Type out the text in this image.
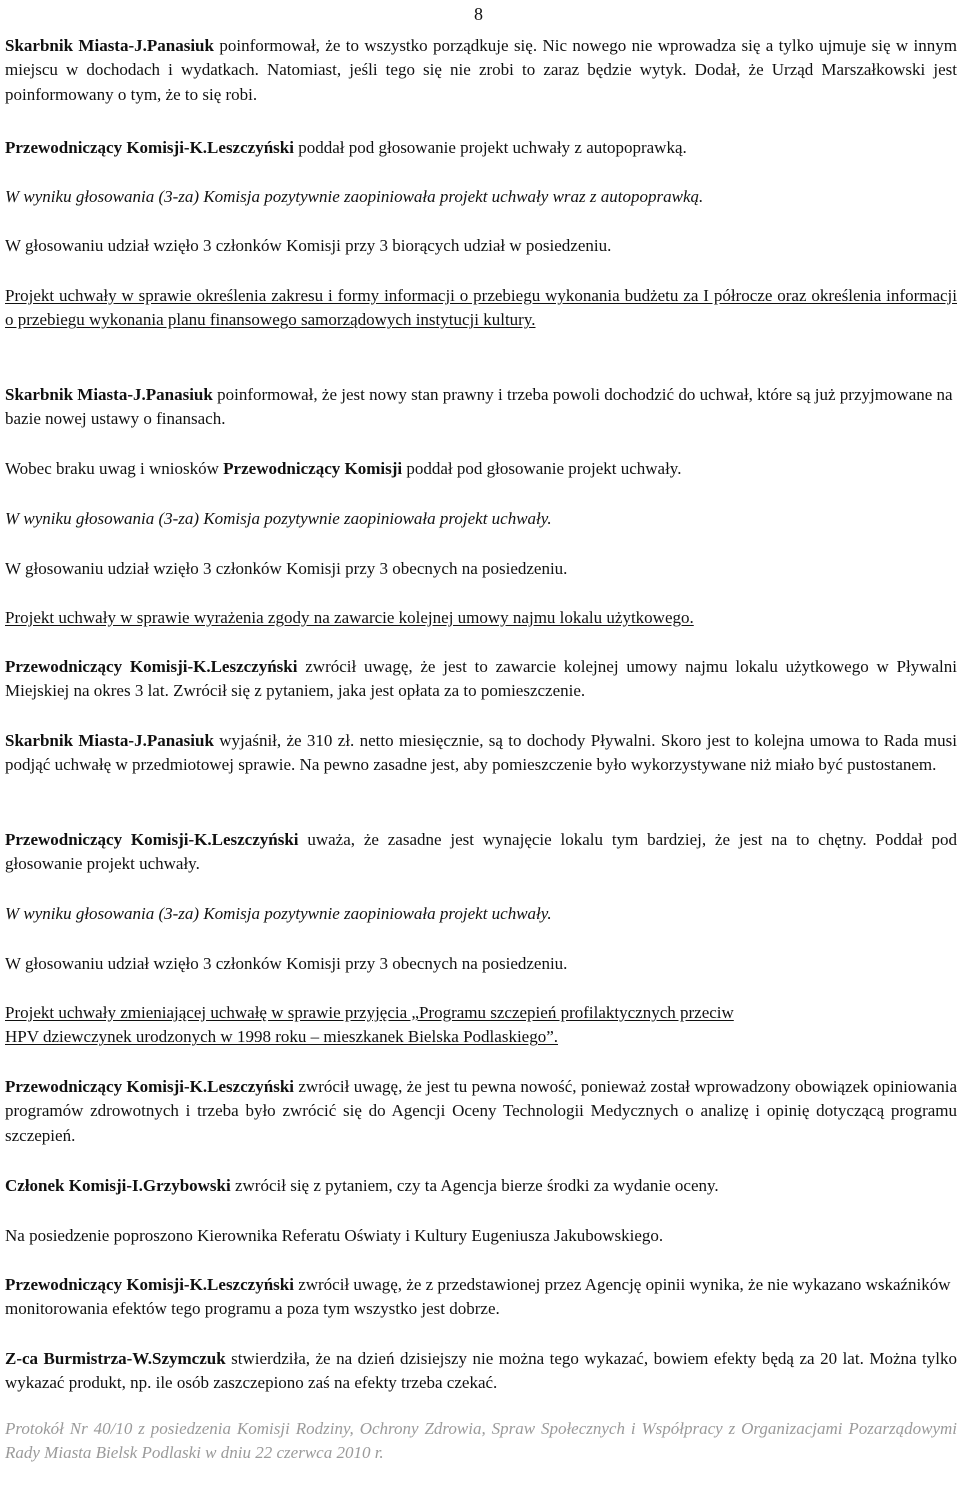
8

Skarbnik Miasta-J.Panasiuk poinformował, że to wszystko porządkuje się. Nic nowego nie wprowadza się a tylko ujmuje się w innym miejscu w dochodach i wydatkach. Natomiast, jeśli tego się nie zrobi to zaraz będzie wytyk. Dodał, że Urząd Marszałkowski jest poinformowany o tym, że to się robi.

Przewodniczący Komisji-K.Leszczyński poddał pod głosowanie projekt uchwały z autopoprawką.

W wyniku głosowania (3-za) Komisja pozytywnie zaopiniowała projekt uchwały wraz z autopoprawką.

W głosowaniu udział wzięło 3 członków Komisji przy 3 biorących udział w posiedzeniu.

Projekt uchwały w sprawie określenia zakresu i formy informacji o przebiegu wykonania budżetu za I półrocze oraz określenia informacji o przebiegu wykonania planu finansowego samorządowych instytucji kultury.

Skarbnik Miasta-J.Panasiuk poinformował, że jest nowy stan prawny i trzeba powoli dochodzić do uchwał, które są już przyjmowane na bazie nowej ustawy o finansach.

Wobec braku uwag i wniosków Przewodniczący Komisji poddał pod głosowanie projekt uchwały.

W wyniku głosowania (3-za) Komisja pozytywnie zaopiniowała projekt uchwały.

W głosowaniu udział wzięło 3 członków Komisji przy 3 obecnych na posiedzeniu.

Projekt uchwały w sprawie wyrażenia zgody na zawarcie kolejnej umowy najmu lokalu użytkowego.

Przewodniczący Komisji-K.Leszczyński zwrócił uwagę, że jest to zawarcie kolejnej umowy najmu lokalu użytkowego w Pływalni Miejskiej na okres 3 lat. Zwrócił się z pytaniem, jaka jest opłata za to pomieszczenie.

Skarbnik Miasta-J.Panasiuk wyjaśnił, że 310 zł. netto miesięcznie, są to dochody Pływalni. Skoro jest to kolejna umowa to Rada musi podjąć uchwałę w przedmiotowej sprawie. Na pewno zasadne jest, aby pomieszczenie było wykorzystywane niż miało być pustostanem.

Przewodniczący Komisji-K.Leszczyński uważa, że zasadne jest wynajęcie lokalu tym bardziej, że jest na to chętny. Poddał pod głosowanie projekt uchwały.

W wyniku głosowania (3-za) Komisja pozytywnie zaopiniowała projekt uchwały.

W głosowaniu udział wzięło 3 członków Komisji przy 3 obecnych na posiedzeniu.

Projekt uchwały zmieniającej uchwałę w sprawie przyjęcia „Programu szczepień profilaktycznych przeciw
HPV dziewczynek urodzonych w 1998 roku – mieszkanek Bielska Podlaskiego”.

Przewodniczący Komisji-K.Leszczyński zwrócił uwagę, że jest tu pewna nowość, ponieważ został wprowadzony obowiązek opiniowania programów zdrowotnych i trzeba było zwrócić się do Agencji Oceny Technologii Medycznych o analizę i opinię dotyczącą programu szczepień.

Członek Komisji-I.Grzybowski zwrócił się z pytaniem, czy ta Agencja bierze środki za wydanie oceny.

Na posiedzenie poproszono Kierownika Referatu Oświaty i Kultury Eugeniusza Jakubowskiego.

Przewodniczący Komisji-K.Leszczyński zwrócił uwagę, że z przedstawionej przez Agencję opinii wynika, że nie wykazano wskaźników monitorowania efektów tego programu a poza tym wszystko jest dobrze.

Z-ca Burmistrza-W.Szymczuk stwierdziła, że na dzień dzisiejszy nie można tego wykazać, bowiem efekty będą za 20 lat. Można tylko wykazać produkt, np. ile osób zaszczepiono zaś na efekty trzeba czekać.

Protokół Nr 40/10 z posiedzenia Komisji Rodziny, Ochrony Zdrowia, Spraw Społecznych i Współpracy z Organizacjami Pozarządowymi Rady Miasta Bielsk Podlaski w dniu 22 czerwca 2010 r.
